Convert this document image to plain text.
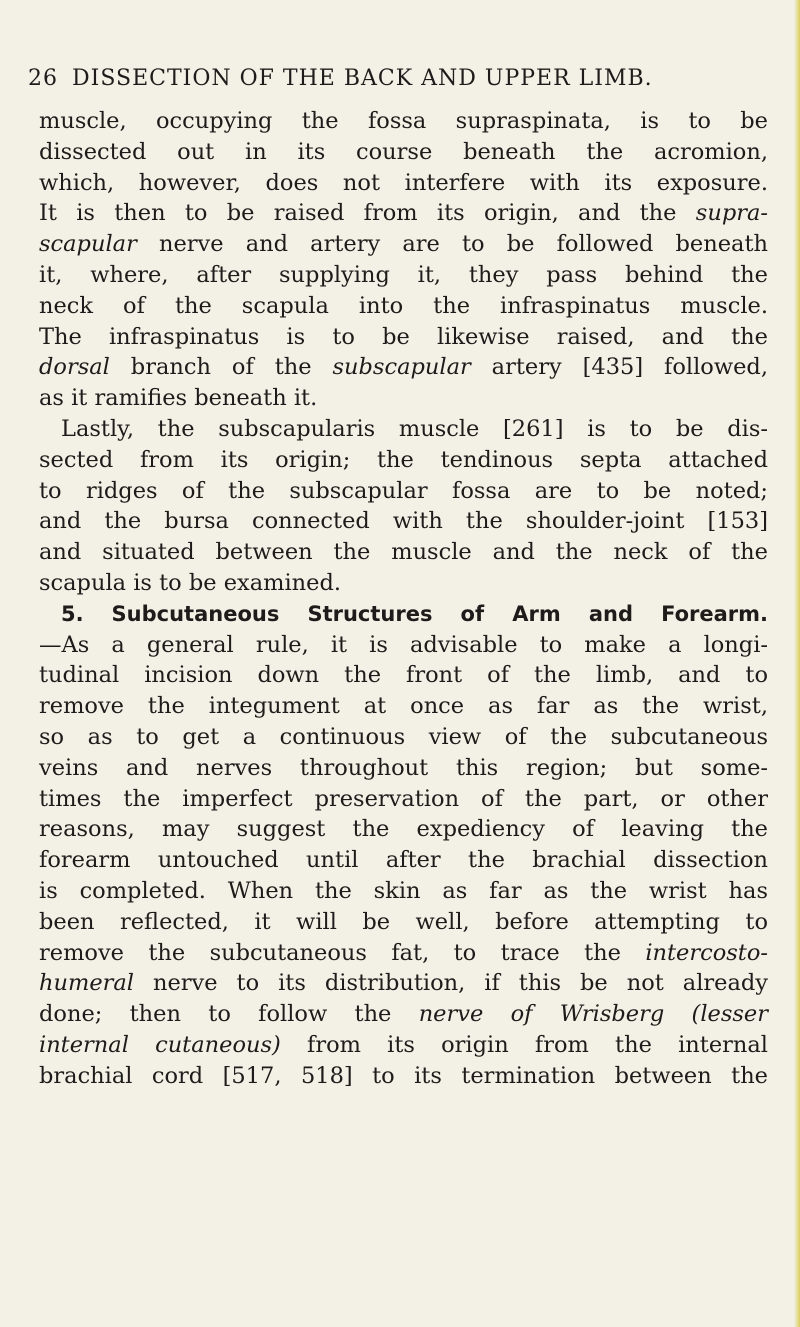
26 DISSECTION OF THE BACK AND UPPER LIMB.
muscle, occupying the fossa supraspinata, is to be
dissected out in its course beneath the acromion,
which, however, does not interfere with its exposure.
It is then to be raised from its origin, and the supra-
scapular nerve and artery are to be followed beneath
it, where, after supplying it, they pass behind the
neck of the scapula into the infraspinatus muscle.
The infraspinatus is to be likewise raised, and the
dorsal branch of the subscapular artery [435] followed,
as it ramifies beneath it.
Lastly, the subscapularis muscle [261] is to be dis-
sected from its origin; the tendinous septa attached
to ridges of the subscapular fossa are to be noted;
and the bursa connected with the shoulder-joint [153]
and situated between the muscle and the neck of the
scapula is to be examined.
5. Subcutaneous Structures of Arm and Forearm.
—As a general rule, it is advisable to make a longi-
tudinal incision down the front of the limb, and to
remove the integument at once as far as the wrist,
so as to get a continuous view of the subcutaneous
veins and nerves throughout this region; but some-
times the imperfect preservation of the part, or other
reasons, may suggest the expediency of leaving the
forearm untouched until after the brachial dissection
is completed. When the skin as far as the wrist has
been reflected, it will be well, before attempting to
remove the subcutaneous fat, to trace the intercosto-
humeral nerve to its distribution, if this be not already
done; then to follow the nerve of Wrisberg (lesser
internal cutaneous) from its origin from the internal
brachial cord [517, 518] to its termination between the
